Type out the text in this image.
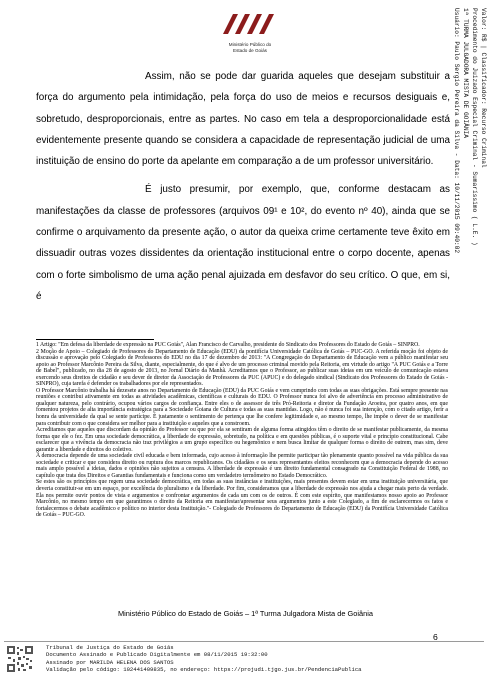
Ministério Público do
Estado de Goiás	Valor: R$ | Classificador: Recurso Criminal
Procedimento do Juizado Especial Criminal - Sumaríssimo ( L.E. )
1ª TURMA JULGADORA MISTA DE GOIÂNIA
Usuário: Paulo Sergio Pereira da Silva - Data: 10/11/2015 09:40:02

Assim, não se pode dar guarida aqueles que desejam substituir a força do argumento pela intimidação, pela força do uso de meios e recursos desiguais e, sobretudo, desproporcionais, entre as partes. No caso em tela a desproporcionalidade está evidentemente presente quando se considera a capacidade de representação judicial de uma instituição de ensino do porte da apelante em comparação a de um professor universitário.

É justo presumir, por exemplo, que, conforme destacam as manifestações da classe de professores (arquivos 09¹ e 10², do evento nº 40), ainda que se confirme o arquivamento da presente ação, o autor da queixa crime certamente teve êxito em dissuadir outras vozes dissidentes da orientação institucional entre o corpo docente, apenas com o forte simbolismo de uma ação penal ajuizada em desfavor do seu crítico. O que, em si, é

1 Artigo: "Em defesa da liberdade de expressão na PUC Goiás", Alan Francisco de Carvalho, presidente do Sindicato dos Professores do Estado de Goiás – SINPRO.

2 Moção de Apoio – Colegiado de Professores do Departamento de Educação (EDU) da pontifícia Universidade Católica de Goiás – PUC-GO. A referida moção foi objeto de discussão e aprovação pelo Colegiado de Professores do EDU no dia 17 de dezembro de 2013: "A Congregação do Departamento de Educação vem a público manifestar seu apoio ao Professor Marcônio Pereira da Silva, diante, especialmente, do que é alvo de um processo criminal movido pela Reitoria, em virtude do artigo "A PUC Goiás e a Torre de Babel", publicado, no dia 28 de agosto de 2013, no Jornal Diário da Manhã. Acreditamos que o Professor, ao publicar suas ideias em um veículo de comunicação estava exercendo seus direitos de cidadão e seu dever de diretor da Associação de Professores da PUC (APUC) e do delegado sindical (Sindicato dos Professores do Estado de Goiás - SINPRO), cuja tarefa é defender os trabalhadores por ele representados.

O Professor Marcônio trabalha há dezesete anos no Departamento de Educação (EDU) da PUC Goiás e vem cumprindo com todas as suas obrigações. Está sempre presente nas reuniões e contribui ativamente em todas as atividades acadêmicas, científicas e culturais do EDU. O Professor nunca foi alvo de advertência em processo administrativo de qualquer natureza, pelo contrário, ocupou vários cargos de confiança. Entre eles o de assessor de três Pró-Reitoria e diretor da Fundação Aroeira, por quatro anos, em que fomentou projetos de alta importância estratégica para a Sociedade Goiana de Cultura e todas as suas mantidas. Logo, não é nunca foi sua intenção, com o citado artigo, ferir a honra da universidade da qual se sente partícipe. É justamente o sentimento de pertença que lhe confere legitimidade e, ao mesmo tempo, lhe impõe o dever de se manifestar para contribuir com o que considera ser melhor para a instituição e aqueles que a constroem.

Acreditamos que aqueles que discordam da opinião do Professor ou que por ela se sentiram de alguma forma atingidos têm o direito de se manifestar publicamente, da mesma forma que ele o fez. Em uma sociedade democrática, a liberdade de expressão, sobretudo, na política e em questões públicas, é o suporte vital e princípio constitucional. Cabe esclarecer que a vivência da democracia não traz privilégios a um grupo específico ou hegemônico e nem busca limitar de qualquer forma o direito de outrem, mas sim, deve garantir a liberdade e direitos do coletivo.

A democracia depende de uma sociedade civil educada e bem informada, cujo acesso à informação lhe permite participar tão plenamente quanto possível na vida pública da sua sociedade e criticar e que considera direito ou ruptura dos marcos republicanos. Os cidadãos e os seus representantes eleitos reconhecem que a democracia depende do acesso mais amplo possível a ideias, dados e opiniões não sujeitos a censura. A liberdade de expressão é um direito fundamental consagrado na Constituição Federal de 1988, no capítulo que trata dos Direitos e Garantias fundamentais e funciona como um verdadeiro termômetro no Estado Democrático.

Se estes são os princípios que regem uma sociedade democrática, em todas as suas instâncias e instituições, mais presentes devem estar em uma instituição universitária, que deveria constituir-se em um espaço, por excelência do pluralismo e da liberdade. Por fim, consideramos que a liberdade de expressão nos ajuda a chegar mais perto da verdade. Ela nos permite ouvir pontos de vista e argumentos e confrontar argumentos de cada um com os de outros. É com este espírito, que manifestamos nosso apoio ao Professor Marcônio, no mesmo tempo em que garantimos o direito da Reitoria em manifestar/apresentar seus argumentos junto a este Colegiado, a fim de esclarecermos os fatos e fortalecermos o debate acadêmico e político no interior desta Instituição."- Colegiado de Professores do Departamento de Educação (EDU) da Pontifícia Universidade Católica de Goiás – PUC-GO.

Ministério Público do Estado de Goiás – 1ª Turma Julgadora Mista de Goiânia
6
Tribunal de Justiça do Estado de Goiás
Documento Assinado e Publicado Digitalmente em 08/11/2015 19:32:00
Assinado por MARILDA HELENA DOS SANTOS
Validação pelo código: 102441409835, no endereço: https://projudi.tjgo.jus.br/PendenciaPublica
